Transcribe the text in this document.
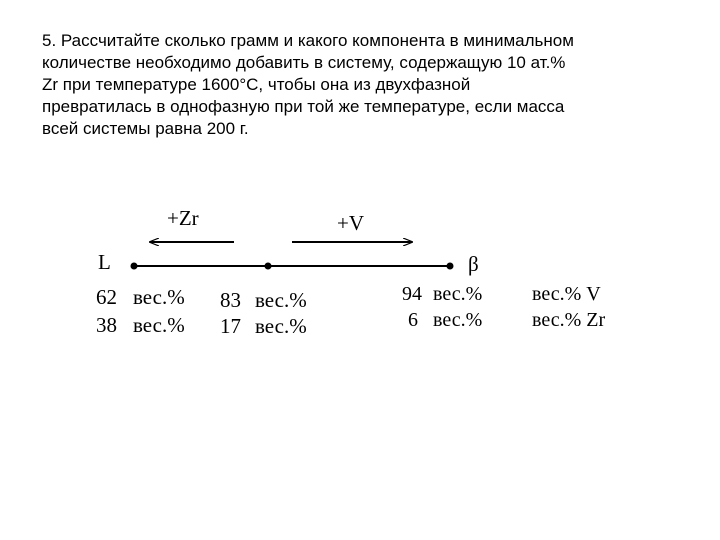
5. Рассчитайте сколько грамм и какого компонента в минимальном
количестве необходимо добавить в систему, содержащую 10 ат.%
Zr при температуре 1600°С, чтобы она из двухфазной
превратилась в однофазную при той же температуре, если масса
всей системы равна 200 г.
+Zr	+V
L	β
62 вес.%
38 вес.%
83 вес.%
17 вес.%
94 вес.%
6 вес.%
вес.% V
вес.% Zr
